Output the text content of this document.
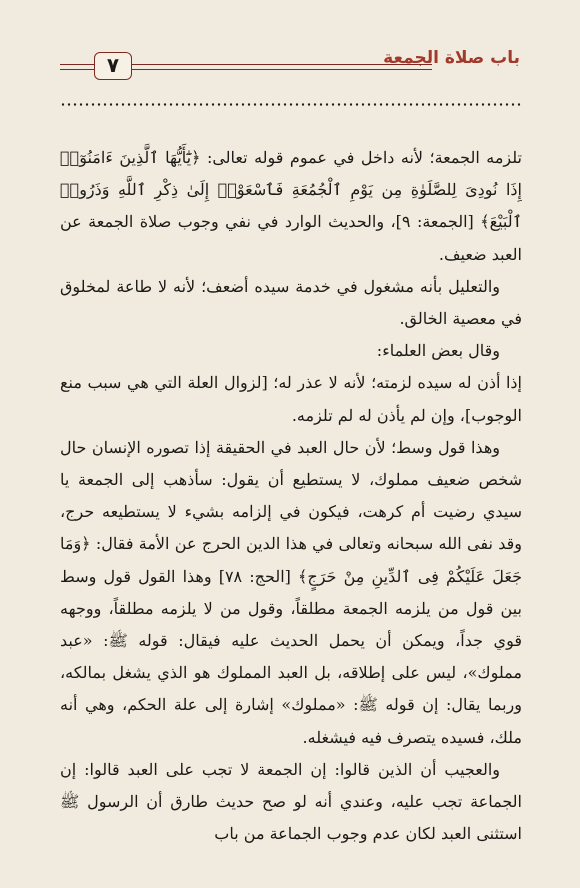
٧	باب صلاة الجمعة

تلزمه الجمعة؛ لأنه داخل في عموم قوله تعالى: ﴿يَٰٓأَيُّهَا ٱلَّذِينَ ءَامَنُوٓا۟ إِذَا نُودِىَ لِلصَّلَوٰةِ مِن يَوْمِ ٱلْجُمُعَةِ فَٱسْعَوْا۟ إِلَىٰ ذِكْرِ ٱللَّهِ وَذَرُوا۟ ٱلْبَيْعَ﴾ [الجمعة: ٩]، والحديث الوارد في نفي وجوب صلاة الجمعة عن العبد ضعيف.

والتعليل بأنه مشغول في خدمة سيده أضعف؛ لأنه لا طاعة لمخلوق في معصية الخالق.

وقال بعض العلماء:

إذا أذن له سيده لزمته؛ لأنه لا عذر له؛ [لزوال العلة التي هي سبب منع الوجوب]، وإن لم يأذن له لم تلزمه.

وهذا قول وسط؛ لأن حال العبد في الحقيقة إذا تصوره الإنسان حال شخص ضعيف مملوك، لا يستطيع أن يقول: سأذهب إلى الجمعة يا سيدي رضيت أم كرهت، فيكون في إلزامه بشيء لا يستطيعه حرج، وقد نفى الله سبحانه وتعالى في هذا الدين الحرج عن الأمة فقال: ﴿وَمَا جَعَلَ عَلَيْكُمْ فِى ٱلدِّينِ مِنْ حَرَجٍ﴾ [الحج: ٧٨] وهذا القول قول وسط بين قول من يلزمه الجمعة مطلقاً، وقول من لا يلزمه مطلقاً، ووجهه قوي جداً، ويمكن أن يحمل الحديث عليه فيقال: قوله ﷺ: «عبد مملوك»، ليس على إطلاقه، بل العبد المملوك هو الذي يشغل بمالكه، وربما يقال: إن قوله ﷺ: «مملوك» إشارة إلى علة الحكم، وهي أنه ملك، فسيده يتصرف فيه فيشغله.

والعجيب أن الذين قالوا: إن الجمعة لا تجب على العبد قالوا: إن الجماعة تجب عليه، وعندي أنه لو صح حديث طارق أن الرسول ﷺ استثنى العبد لكان عدم وجوب الجماعة من باب
